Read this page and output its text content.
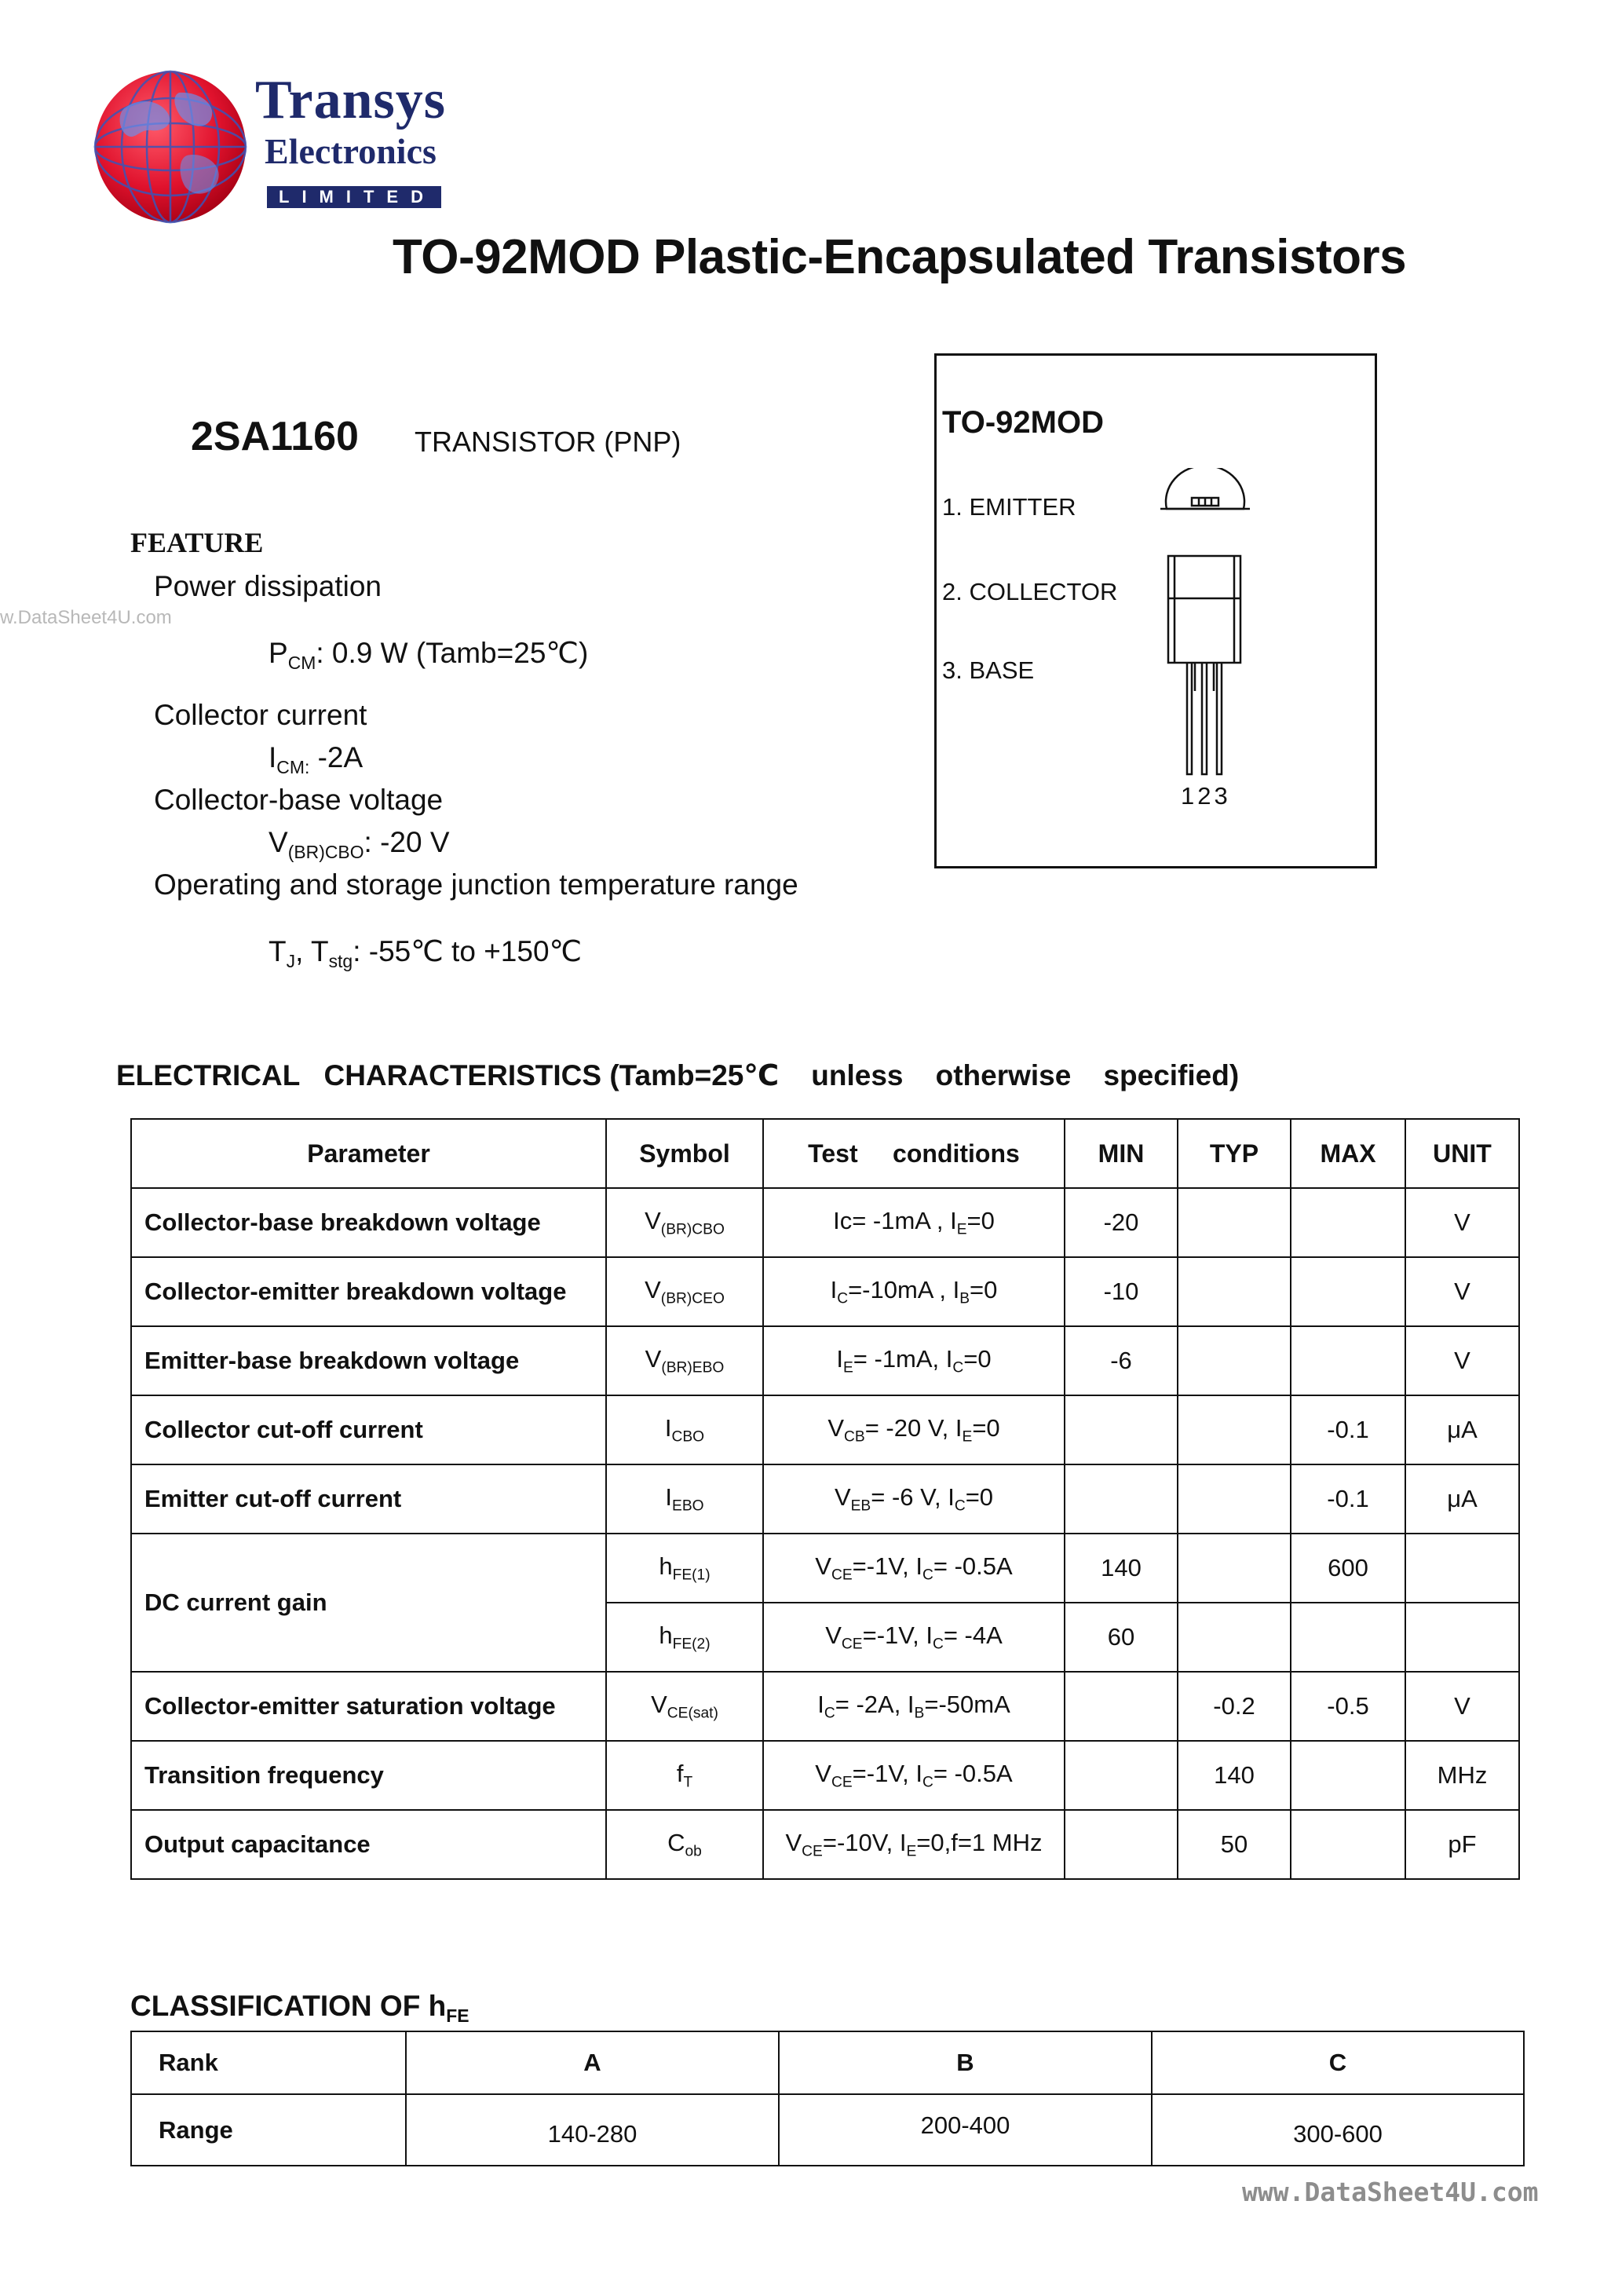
Transys
Electronics
LIMITED
TO-92MOD Plastic-Encapsulated Transistors
2SA1160 TRANSISTOR (PNP)
FEATURE
Power dissipation
$P_{CM}$: 0.9 W (Tamb=25℃)
w.DataSheet4U.com
Collector current
$I_{CM:}$ -2A
Collector-base voltage
$V_{(BR)CBO}$: -20 V
Operating and storage junction temperature range
$T_J$, $T_{stg}$: -55℃ to +150℃
TO-92MOD
1. EMITTER
2. COLLECTOR
3. BASE
123
ELECTRICAL   CHARACTERISTICS (Tamb=25℃    unless    otherwise    specified)
Parameter	Symbol	Test     conditions	MIN	TYP	MAX	UNIT
Collector-base breakdown voltage	$V_{(BR)CBO}$	Ic= -1mA , $I_E=0$	-20			V
Collector-emitter breakdown voltage	$V_{(BR)CEO}$	$I_C=-10mA$ , $I_B=0$	-10			V
Emitter-base breakdown voltage	$V_{(BR)EBO}$	$I_E= -1mA$, $I_C=0$	-6			V
Collector cut-off current	$I_{CBO}$	$V_{CB}= -20$ V, $I_E=0$			-0.1	μA
Emitter cut-off current	$I_{EBO}$	$V_{EB}= -6$ V, $I_C=0$			-0.1	μA
DC current gain	$h_{FE(1)}$	$V_{CE}=-1V$, $I_C= -0.5A$	140		600	
	$h_{FE(2)}$	$V_{CE}=-1V$, $I_C= -4A$	60			
Collector-emitter saturation voltage	$V_{CE(sat)}$	$I_C= -2A$, $I_B=-50mA$		-0.2	-0.5	V
Transition frequency	$f_T$	$V_{CE}=-1V$, $I_C= -0.5A$		140		MHz
Output capacitance	$C_{ob}$	$V_{CE}=-10V$, $I_E=0,f=1$ MHz		50		pF
CLASSIFICATION OF $h_{FE}$
Rank	A	B	C
Range	140-280	200-400	300-600
www.DataSheet4U.com
